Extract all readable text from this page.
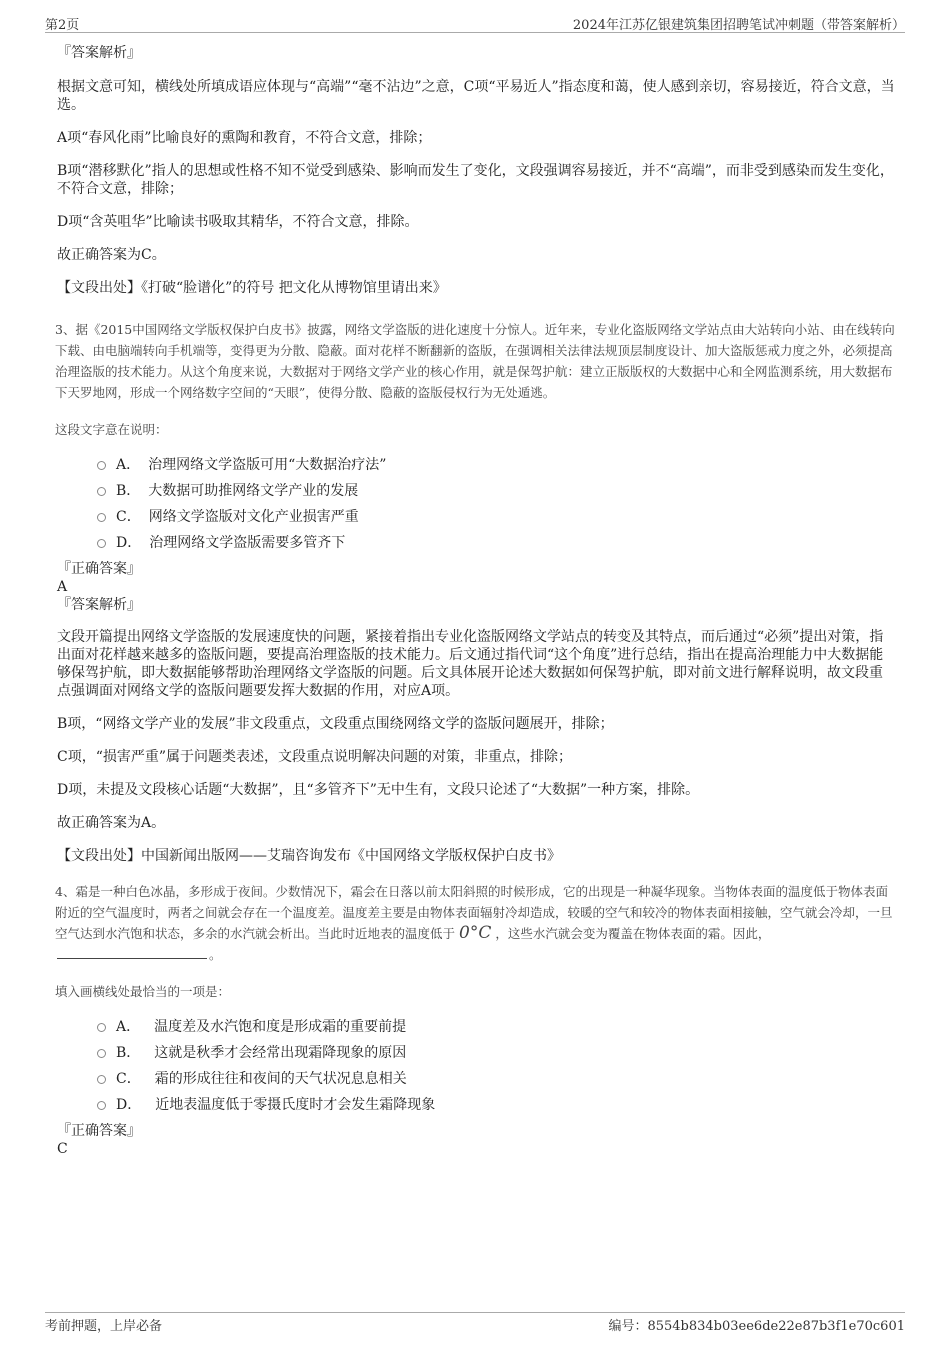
第2页	2024年江苏亿银建筑集团招聘笔试冲刺题（带答案解析）

『答案解析』

根据文意可知，横线处所填成语应体现与“高端”“毫不沾边”之意，C项“平易近人”指态度和蔼，使人感到亲切，容易接近，符合文意，当选。

A项“春风化雨”比喻良好的熏陶和教育，不符合文意，排除；

B项“潜移默化”指人的思想或性格不知不觉受到感染、影响而发生了变化，文段强调容易接近，并不“高端”，而非受到感染而发生变化，不符合文意，排除；

D项“含英咀华”比喻读书吸取其精华，不符合文意，排除。

故正确答案为C。

【文段出处】《打破“脸谱化”的符号 把文化从博物馆里请出来》

3、据《2015中国网络文学版权保护白皮书》披露，网络文学盗版的进化速度十分惊人。近年来，专业化盗版网络文学站点由大站转向小站、由在线转向下载、由电脑端转向手机端等，变得更为分散、隐蔽。面对花样不断翻新的盗版，在强调相关法律法规顶层制度设计、加大盗版惩戒力度之外，必须提高治理盗版的技术能力。从这个角度来说，大数据对于网络文学产业的核心作用，就是保驾护航：建立正版版权的大数据中心和全网监测系统，用大数据布下天罗地网，形成一个网络数字空间的“天眼”，使得分散、隐蔽的盗版侵权行为无处遁逃。

这段文字意在说明：

A． 治理网络文学盗版可用“大数据治疗法”
B． 大数据可助推网络文学产业的发展
C． 网络文学盗版对文化产业损害严重
D． 治理网络文学盗版需要多管齐下

『正确答案』

A

『答案解析』

文段开篇提出网络文学盗版的发展速度快的问题，紧接着指出专业化盗版网络文学站点的转变及其特点，而后通过“必须”提出对策，指出面对花样越来越多的盗版问题，要提高治理盗版的技术能力。后文通过指代词“这个角度”进行总结，指出在提高治理能力中大数据能够保驾护航，即大数据能够帮助治理网络文学盗版的问题。后文具体展开论述大数据如何保驾护航，即对前文进行解释说明，故文段重点强调面对网络文学的盗版问题要发挥大数据的作用，对应A项。

B项，“网络文学产业的发展”非文段重点，文段重点围绕网络文学的盗版问题展开，排除；

C项，“损害严重”属于问题类表述，文段重点说明解决问题的对策，非重点，排除；

D项，未提及文段核心话题“大数据”，且“多管齐下”无中生有，文段只论述了“大数据”一种方案，排除。

故正确答案为A。

【文段出处】中国新闻出版网——艾瑞咨询发布《中国网络文学版权保护白皮书》

4、霜是一种白色冰晶，多形成于夜间。少数情况下，霜会在日落以前太阳斜照的时候形成，它的出现是一种凝华现象。当物体表面的温度低于物体表面附近的空气温度时，两者之间就会存在一个温度差。温度差主要是由物体表面辐射冷却造成，较暖的空气和较冷的物体表面相接触，空气就会冷却，一旦空气达到水汽饱和状态，多余的水汽就会析出。当此时近地表的温度低于 0°C ，这些水汽就会变为覆盖在物体表面的霜。因此，。

填入画横线处最恰当的一项是：

A． 温度差及水汽饱和度是形成霜的重要前提
B． 这就是秋季才会经常出现霜降现象的原因
C． 霜的形成往往和夜间的天气状况息息相关
D． 近地表温度低于零摄氏度时才会发生霜降现象

『正确答案』

C

考前押题，上岸必备	编号：8554b834b03ee6de22e87b3f1e70c601
